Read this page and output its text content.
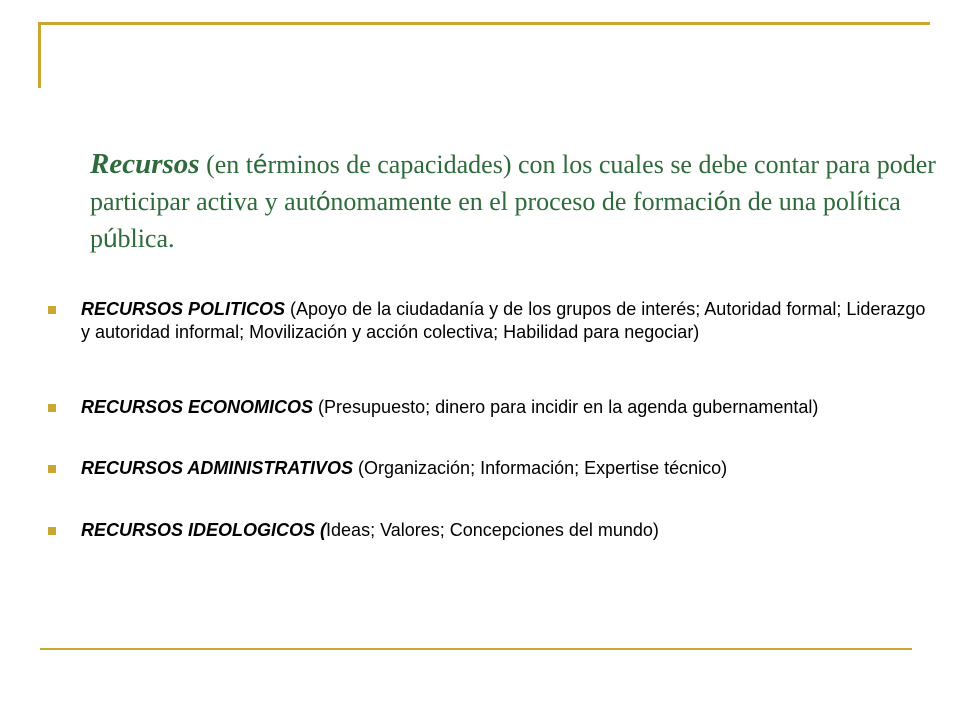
Recursos (en términos de capacidades) con los cuales se debe contar para poder participar activa y autónomamente en el proceso de formación de una política pública.
RECURSOS POLITICOS (Apoyo de la ciudadanía y de los grupos de interés; Autoridad formal; Liderazgo y autoridad informal; Movilización y acción colectiva; Habilidad para negociar)
RECURSOS ECONOMICOS (Presupuesto; dinero para incidir en la agenda gubernamental)
RECURSOS ADMINISTRATIVOS (Organización; Información; Expertise técnico)
RECURSOS IDEOLOGICOS (Ideas; Valores; Concepciones del mundo)
